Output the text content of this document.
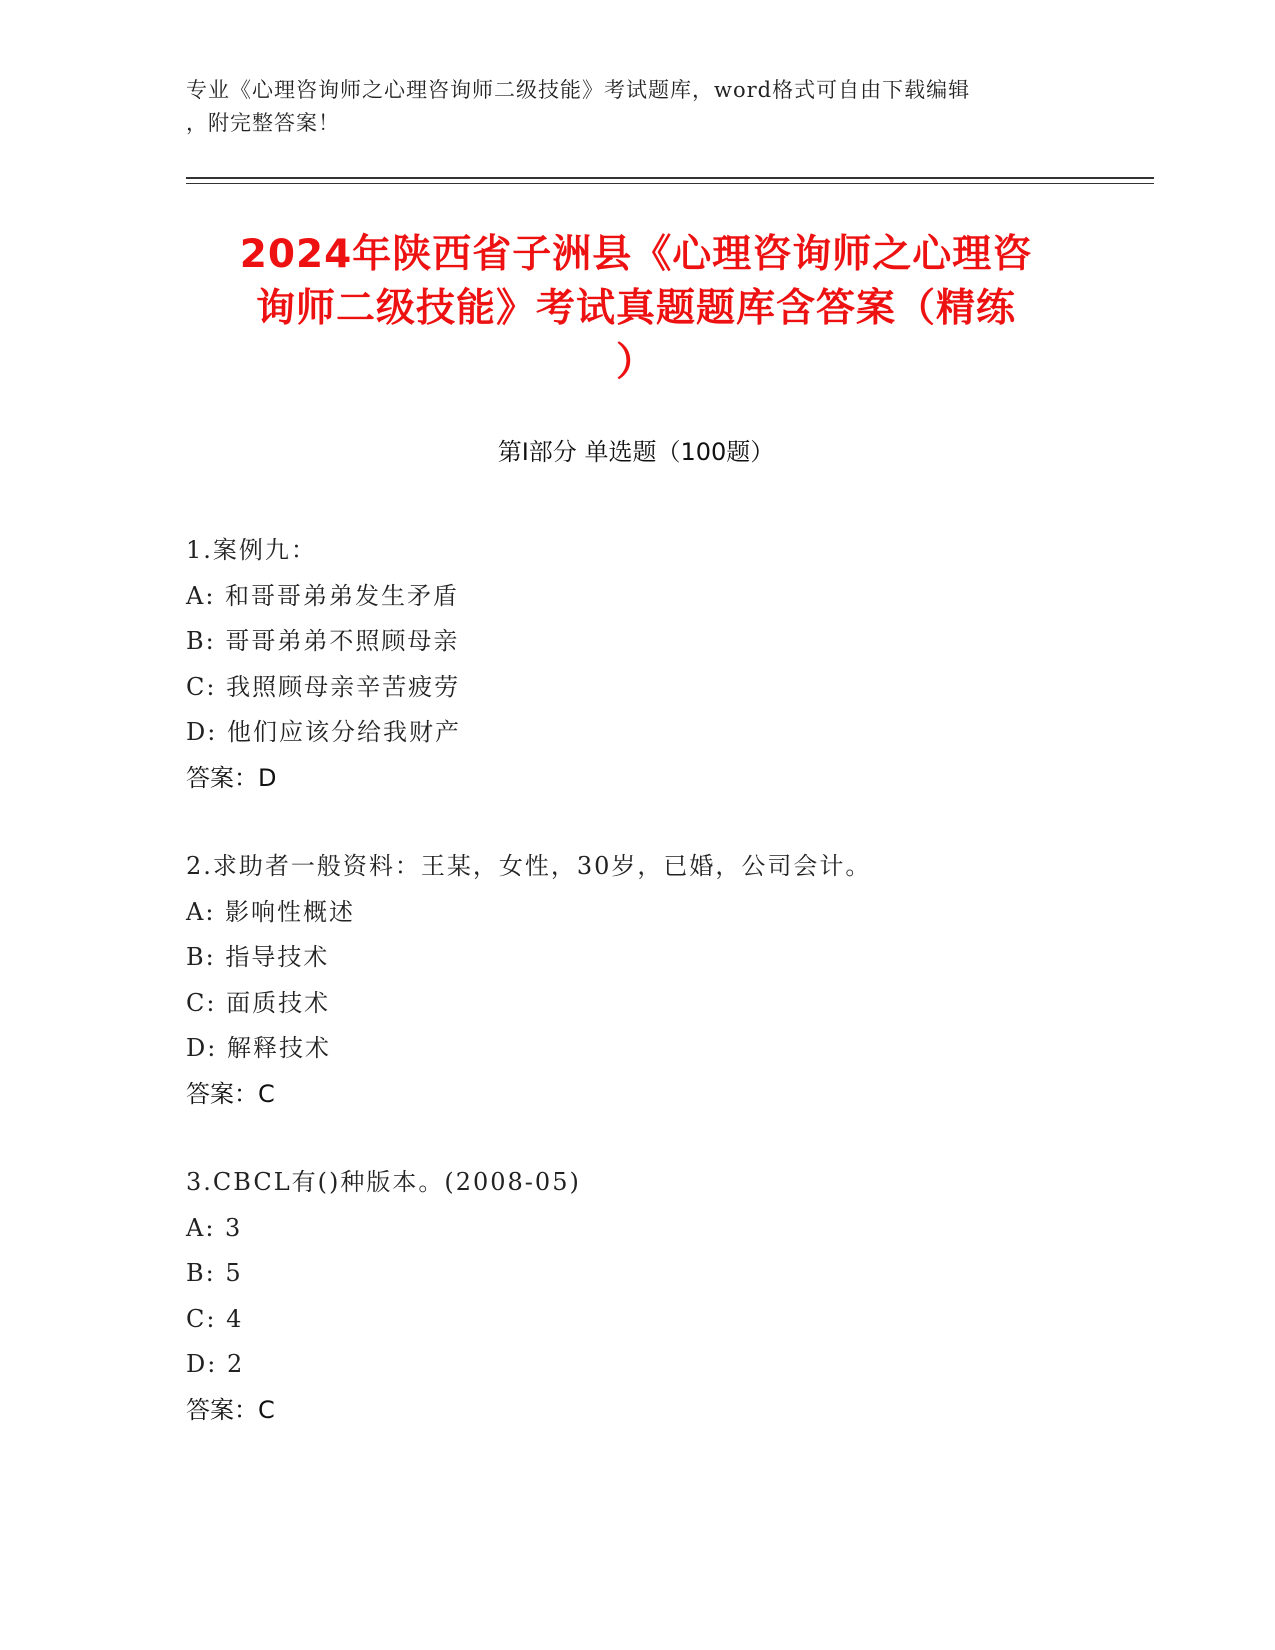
专业《心理咨询师之心理咨询师二级技能》考试题库，word格式可自由下载编辑
，附完整答案！
2024年陕西省子洲县《心理咨询师之心理咨
询师二级技能》考试真题题库含答案（精练
）
第I部分 单选题（100题）
1.案例九：
A: 和哥哥弟弟发生矛盾
B: 哥哥弟弟不照顾母亲
C: 我照顾母亲辛苦疲劳
D: 他们应该分给我财产
答案：D
2.求助者一般资料：王某，女性，30岁，已婚，公司会计。
A: 影响性概述
B: 指导技术
C: 面质技术
D: 解释技术
答案：C
3.CBCL有()种版本。(2008-05)
A: 3
B: 5
C: 4
D: 2
答案：C
